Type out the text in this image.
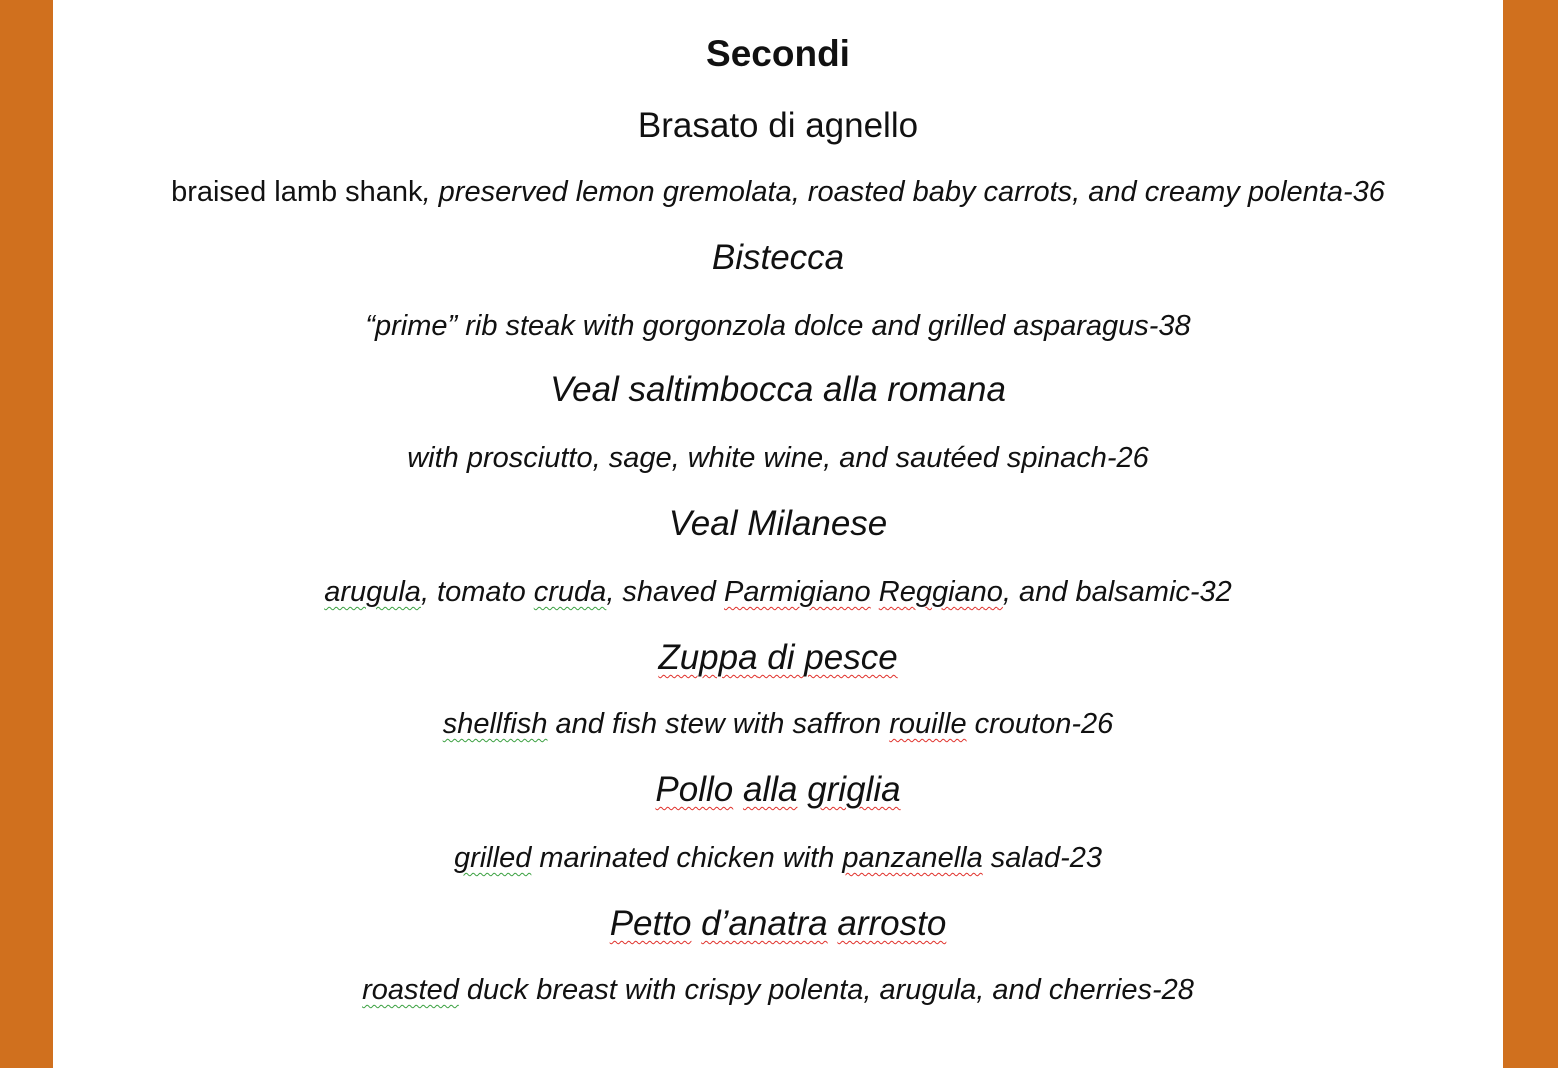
Secondi
Brasato di agnello
braised lamb shank, preserved lemon gremolata, roasted baby carrots, and creamy polenta-36
Bistecca
“prime” rib steak with gorgonzola dolce and grilled asparagus-38
Veal saltimbocca alla romana
with prosciutto, sage, white wine, and sautéed spinach-26
Veal Milanese
arugula, tomato cruda, shaved Parmigiano Reggiano, and balsamic-32
Zuppa di pesce
shellfish and fish stew with saffron rouille crouton-26
Pollo alla griglia
grilled marinated chicken with panzanella salad-23
Petto d’anatra arrosto
roasted duck breast with crispy polenta, arugula, and cherries-28
